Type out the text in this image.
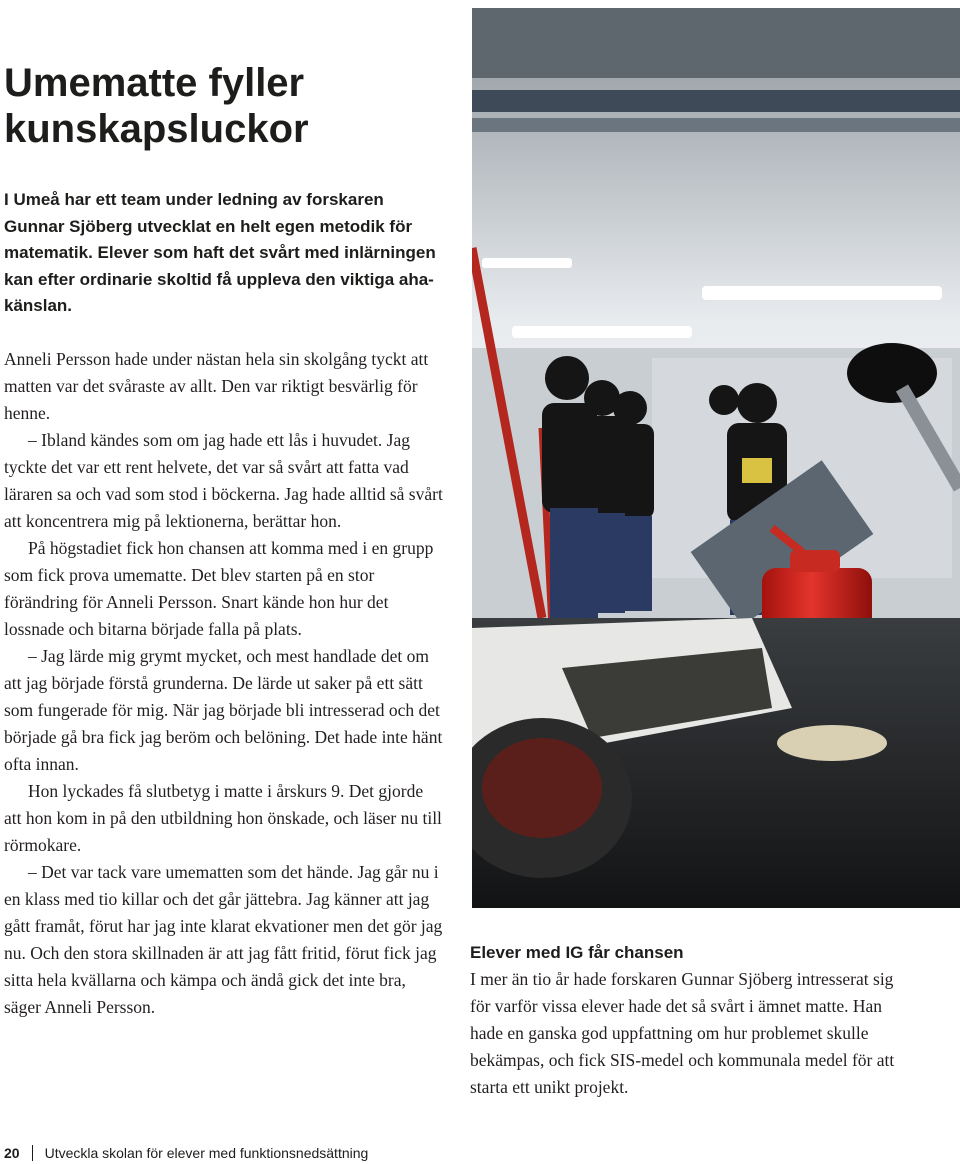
Umematte fyller kunskapsluckor

I Umeå har ett team under ledning av forskaren Gunnar Sjöberg utvecklat en helt egen metodik för matematik. Elever som haft det svårt med inlärningen kan efter ordinarie skoltid få uppleva den viktiga aha-känslan.

Anneli Persson hade under nästan hela sin skolgång tyckt att matten var det svåraste av allt. Den var riktigt besvärlig för henne.

– Ibland kändes som om jag hade ett lås i huvudet. Jag tyckte det var ett rent helvete, det var så svårt att fatta vad läraren sa och vad som stod i böckerna. Jag hade alltid så svårt att koncentrera mig på lektionerna, berättar hon.

På högstadiet fick hon chansen att komma med i en grupp som fick prova umematte. Det blev starten på en stor förändring för Anneli Persson. Snart kände hon hur det lossnade och bitarna började falla på plats.

– Jag lärde mig grymt mycket, och mest handlade det om att jag började förstå grunderna. De lärde ut saker på ett sätt som fungerade för mig. När jag började bli intresserad och det började gå bra fick jag beröm och belöning. Det hade inte hänt ofta innan.

Hon lyckades få slutbetyg i matte i årskurs 9. Det gjorde att hon kom in på den utbildning hon önskade, och läser nu till rörmokare.

– Det var tack vare umematten som det hände. Jag går nu i en klass med tio killar och det går jättebra. Jag känner att jag gått framåt, förut har jag inte klarat ekvationer men det gör jag nu. Och den stora skillnaden är att jag fått fritid, förut fick jag sitta hela kvällarna och kämpa och ändå gick det inte bra, säger Anneli Persson.

Elever med IG får chansen

I mer än tio år hade forskaren Gunnar Sjöberg intresserat sig för varför vissa elever hade det så svårt i ämnet matte. Han hade en ganska god uppfattning om hur problemet skulle bekämpas, och fick SIS-medel och kommunala medel för att starta ett unikt projekt.

20 Utveckla skolan för elever med funktionsnedsättning
